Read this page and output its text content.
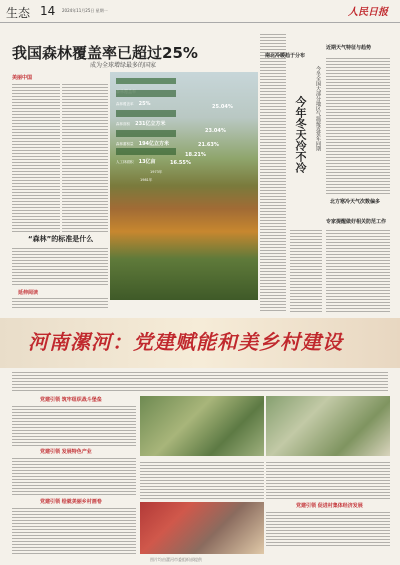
生态 14 2024年11月25日 星期一	人民日报
我国森林覆盖率已超过25%
成为全球增绿最多的国家
美丽中国
“森林”的标准是什么
延伸阅读
森林覆盖率 25%
森林面积 231亿立方米
森林蓄积量 194亿立方米
人工林面积 13亿亩
25.04%
23.04%
21.63%
18.21%
16.55%
1973年
1981年
今年冬天冷不冷 今冬全国大部分地区气温接近常年同期
南北冷暖趋于分布
近期天气特征与趋势
北方寒冷天气次数偏多
专家提醒做好相关防范工作
河南漯河：党建赋能和美乡村建设
党建引领 筑牢组织战斗堡垒
党建引领 发展特色产业
党建引领 绘就美丽乡村画卷
党建引领 促进村集体经济发展
图片均由漯河市委组织部提供
